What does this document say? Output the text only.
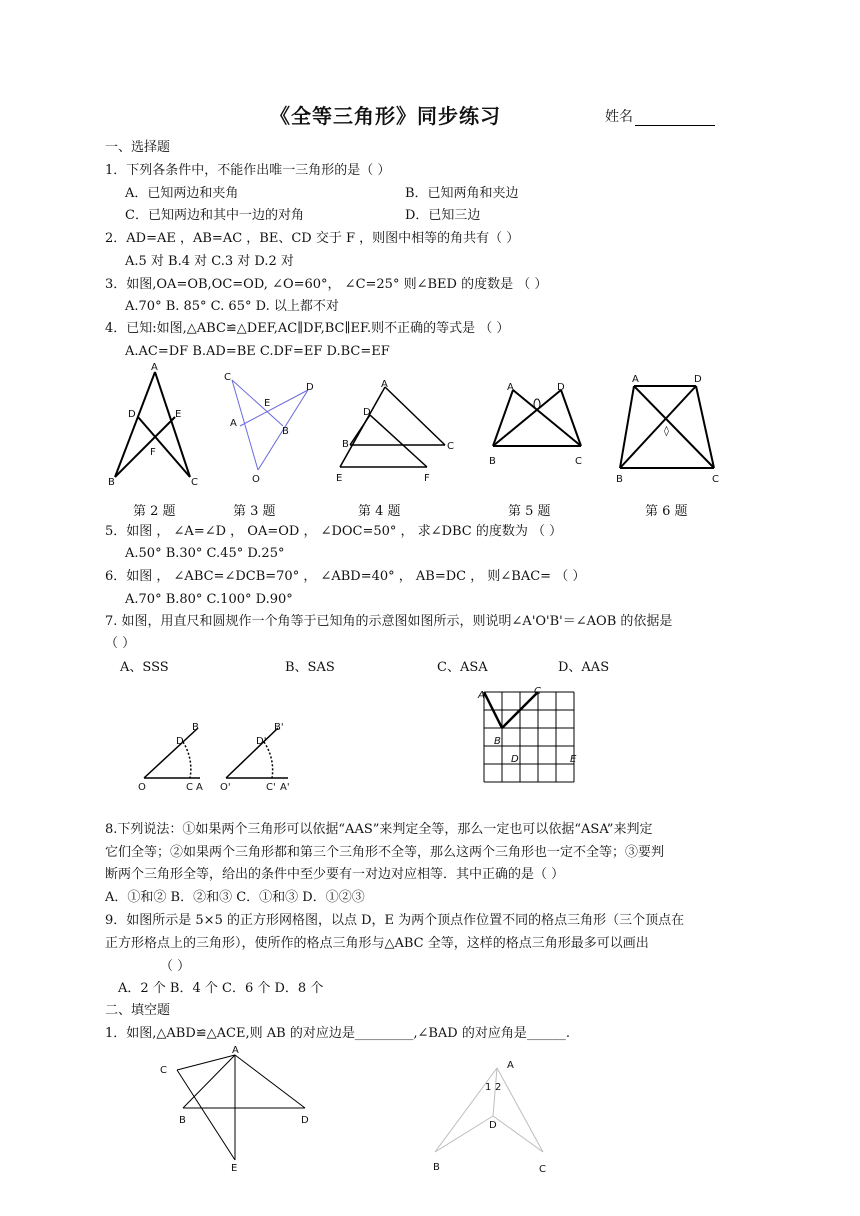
《全等三角形》同步练习	姓名
一、选择题
1．下列各条件中，不能作出唯一三角形的是（ ）
A．已知两边和夹角	B．已知两角和夹边
C．已知两边和其中一边的对角	D．已知三边
2．AD=AE ，AB=AC ，BE、CD 交于 F ，则图中相等的角共有（ ）
A.5 对 B.4 对 C.3 对 D.2 对
3．如图,OA=OB,OC=OD, ∠O=60°， ∠C=25° 则∠BED 的度数是 （ ）
A.70° B. 85° C. 65° D. 以上都不对
4．已知:如图,△ABC≌△DEF,AC∥DF,BC∥EF.则不正确的等式是 （ ）
A.AC=DF B.AD=BE C.DF=EF D.BC=EF
A
D	E
F
B	C
C
D
E
A
B
O
A
D
B	C
E	F
A	D
B	C
A	D
B	C
◊
第 2 题	第 3 题	第 4 题	第 5 题	第 6 题
5．如图 ， ∠A=∠D ， OA=OD ， ∠DOC=50° ， 求∠DBC 的度数为 （ ）
A.50° B.30° C.45° D.25°
6．如图 ， ∠ABC=∠DCB=70° ， ∠ABD=40° ， AB=DC ， 则∠BAC= （ ）
A.70° B.80° C.100° D.90°
7. 如图，用直尺和圆规作一个角等于已知角的示意图如图所示，则说明∠A'O'B'＝∠AOB 的依据是
（ ）
A、SSS	B、SAS	C、ASA	D、AAS
O	C A
B
D
O'	C' A'
B'
D'
A	C
B
D	E
8.下列说法：①如果两个三角形可以依据“AAS”来判定全等，那么一定也可以依据“ASA”来判定
它们全等；②如果两个三角形都和第三个三角形不全等，那么这两个三角形也一定不全等；③要判
断两个三角形全等，给出的条件中至少要有一对边对应相等．其中正确的是（ ）
A．①和② B．②和③ C．①和③ D．①②③
9．如图所示是 5×5 的正方形网格图，以点 D，E 为两个顶点作位置不同的格点三角形（三个顶点在
正方形格点上的三角形），使所作的格点三角形与△ABC 全等，这样的格点三角形最多可以画出
（ ）
A．2 个 B．4 个 C．6 个 D．8 个
二、填空题
1．如图,△ABD≌△ACE,则 AB 的对应边是_________,∠BAD 的对应角是______.
A
C
B	D
E
A
1 2
D
B	C
